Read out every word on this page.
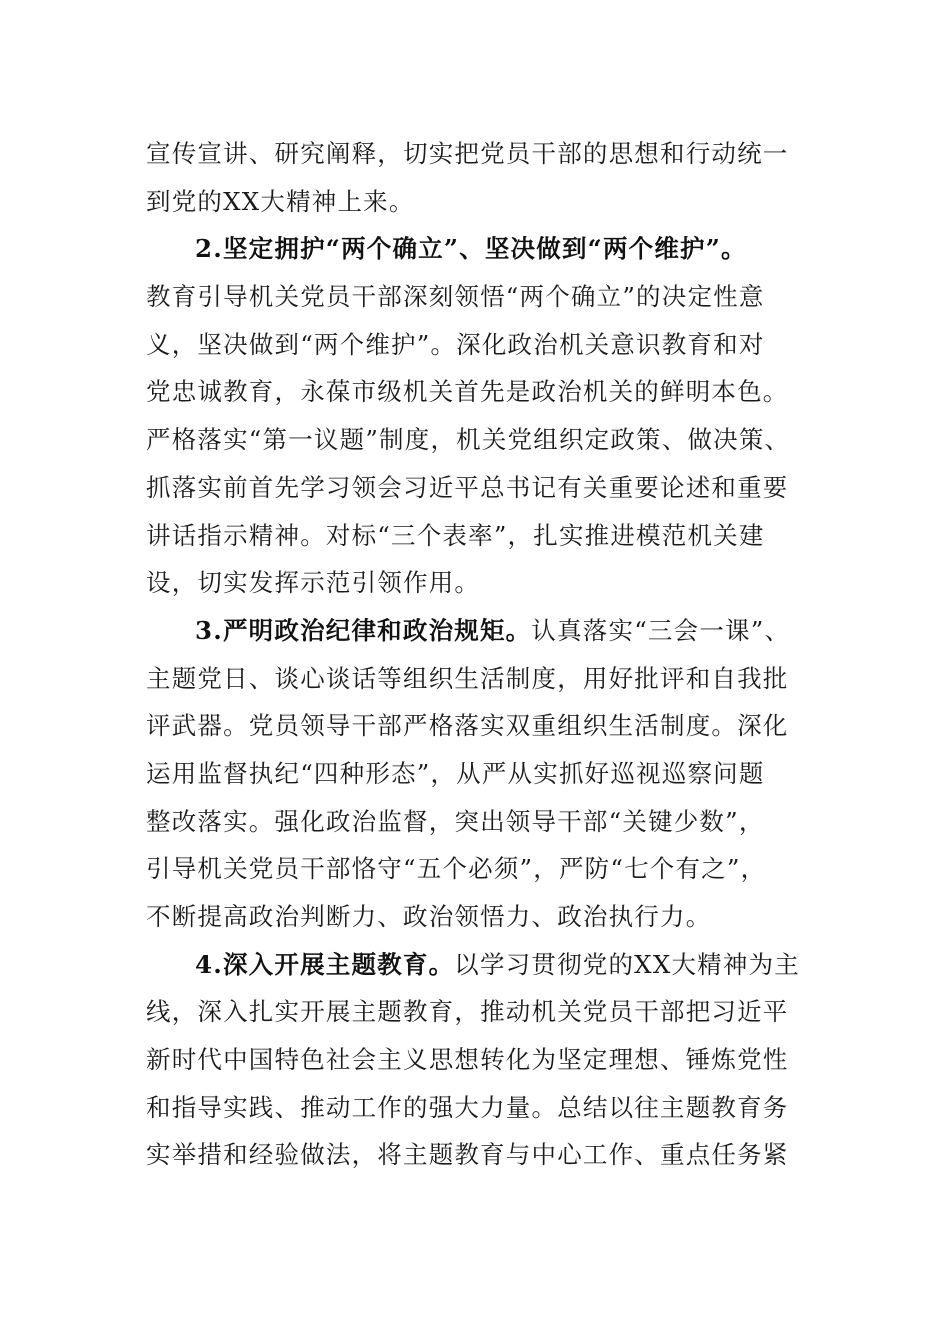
宣传宣讲、研究阐释，切实把党员干部的思想和行动统一
到党的XX大精神上来。
2.坚定拥护“两个确立”、坚决做到“两个维护”。
教育引导机关党员干部深刻领悟“两个确立”的决定性意
义，坚决做到“两个维护”。深化政治机关意识教育和对
党忠诚教育，永葆市级机关首先是政治机关的鲜明本色。
严格落实“第一议题”制度，机关党组织定政策、做决策、
抓落实前首先学习领会习近平总书记有关重要论述和重要
讲话指示精神。对标“三个表率”，扎实推进模范机关建
设，切实发挥示范引领作用。
3.严明政治纪律和政治规矩。认真落实“三会一课”、
主题党日、谈心谈话等组织生活制度，用好批评和自我批
评武器。党员领导干部严格落实双重组织生活制度。深化
运用监督执纪“四种形态”，从严从实抓好巡视巡察问题
整改落实。强化政治监督，突出领导干部“关键少数”，
引导机关党员干部恪守“五个必须”，严防“七个有之”，
不断提高政治判断力、政治领悟力、政治执行力。
4.深入开展主题教育。以学习贯彻党的XX大精神为主
线，深入扎实开展主题教育，推动机关党员干部把习近平
新时代中国特色社会主义思想转化为坚定理想、锤炼党性
和指导实践、推动工作的强大力量。总结以往主题教育务
实举措和经验做法，将主题教育与中心工作、重点任务紧
